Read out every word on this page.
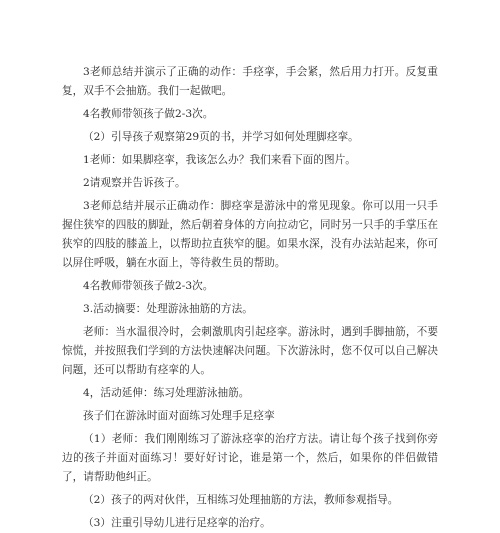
3老师总结并演示了正确的动作：手痉挛，手会紧，然后用力打开。反复重复，双手不会抽筋。我们一起做吧。

4名教师带领孩子做2-3次。

（2）引导孩子观察第29页的书，并学习如何处理脚痉挛。

1老师：如果脚痉挛，我该怎么办？我们来看下面的图片。

2请观察并告诉孩子。

3老师总结并展示正确动作：脚痉挛是游泳中的常见现象。你可以用一只手握住狭窄的四肢的脚趾，然后朝着身体的方向拉动它，同时另一只手的手掌压在狭窄的四肢的膝盖上，以帮助拉直狭窄的腿。如果水深，没有办法站起来，你可以屏住呼吸，躺在水面上，等待救生员的帮助。

4名教师带领孩子做2-3次。

3.活动摘要：处理游泳抽筋的方法。

老师：当水温很冷时，会刺激肌肉引起痉挛。游泳时，遇到手脚抽筋，不要惊慌，并按照我们学到的方法快速解决问题。下次游泳时，您不仅可以自己解决问题，还可以帮助有痉挛的人。

4，活动延伸：练习处理游泳抽筋。

孩子们在游泳时面对面练习处理手足痉挛

（1）老师：我们刚刚练习了游泳痉挛的治疗方法。请让每个孩子找到你旁边的孩子并面对面练习！要好好讨论，谁是第一个，然后，如果你的伴侣做错了，请帮助他纠正。

（2）孩子的两对伙伴，互相练习处理抽筋的方法，教师参观指导。

（3）注重引导幼儿进行足痉挛的治疗。
